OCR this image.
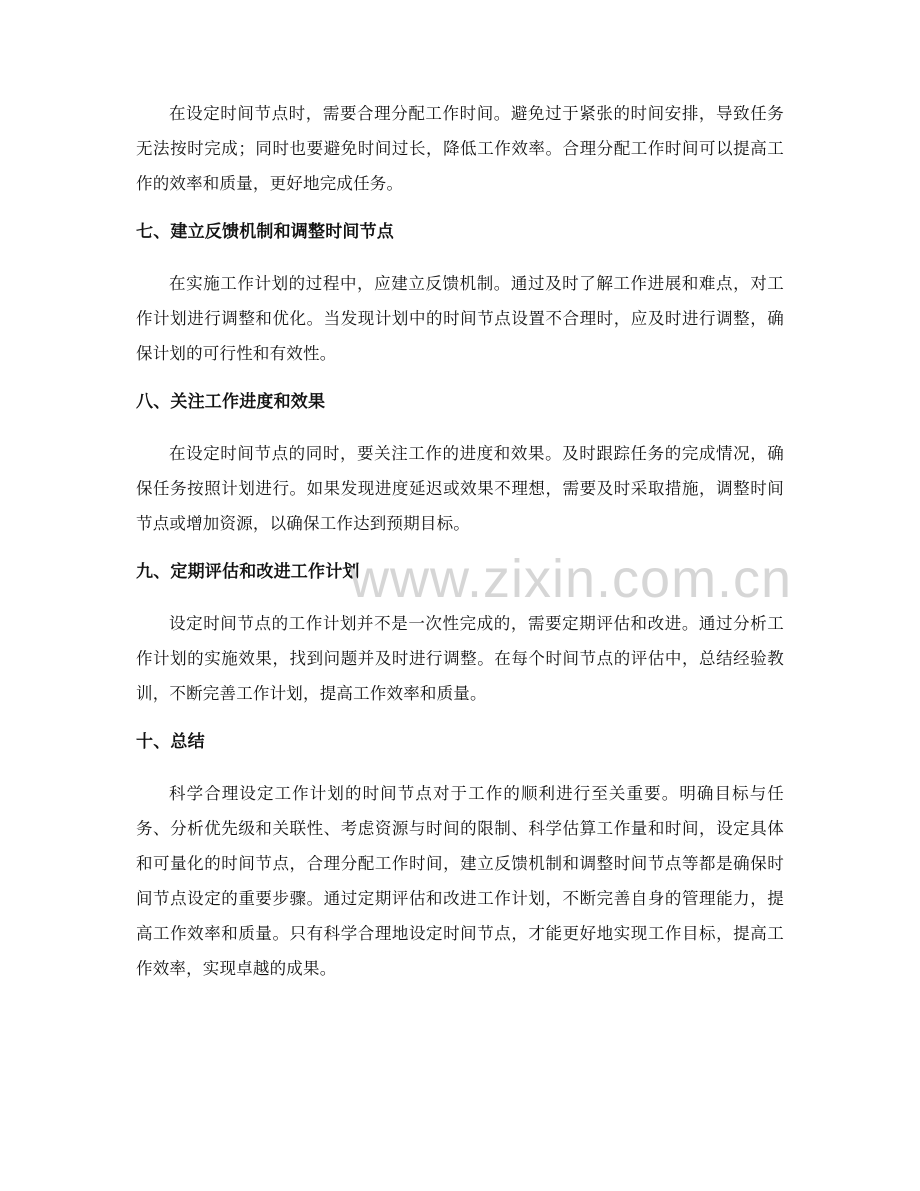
在设定时间节点时，需要合理分配工作时间。避免过于紧张的时间安排，导致任务无法按时完成；同时也要避免时间过长，降低工作效率。合理分配工作时间可以提高工作的效率和质量，更好地完成任务。

七、建立反馈机制和调整时间节点

在实施工作计划的过程中，应建立反馈机制。通过及时了解工作进展和难点，对工作计划进行调整和优化。当发现计划中的时间节点设置不合理时，应及时进行调整，确保计划的可行性和有效性。

八、关注工作进度和效果

在设定时间节点的同时，要关注工作的进度和效果。及时跟踪任务的完成情况，确保任务按照计划进行。如果发现进度延迟或效果不理想，需要及时采取措施，调整时间节点或增加资源，以确保工作达到预期目标。

九、定期评估和改进工作计划

设定时间节点的工作计划并不是一次性完成的，需要定期评估和改进。通过分析工作计划的实施效果，找到问题并及时进行调整。在每个时间节点的评估中，总结经验教训，不断完善工作计划，提高工作效率和质量。

十、总结

科学合理设定工作计划的时间节点对于工作的顺利进行至关重要。明确目标与任务、分析优先级和关联性、考虑资源与时间的限制、科学估算工作量和时间，设定具体和可量化的时间节点，合理分配工作时间，建立反馈机制和调整时间节点等都是确保时间节点设定的重要步骤。通过定期评估和改进工作计划，不断完善自身的管理能力，提高工作效率和质量。只有科学合理地设定时间节点，才能更好地实现工作目标，提高工作效率，实现卓越的成果。

www.zixin.com.cn
